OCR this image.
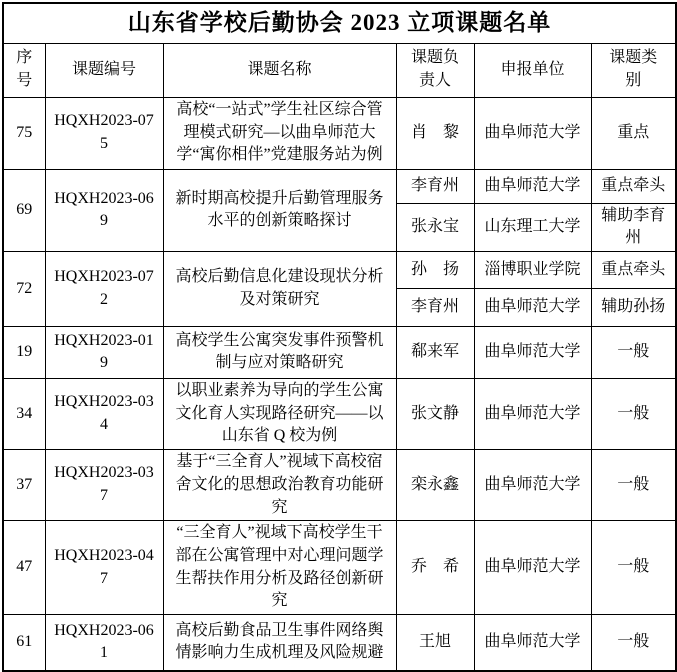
山东省学校后勤协会 2023 立项课题名单					
序号	课题编号	课题名称	课题负责人	申报单位	课题类别
75	HQXH2023-075	高校“一站式”学生社区综合管理模式研究—以曲阜师范大学“寓你相伴”党建服务站为例	肖　黎	曲阜师范大学	重点
69	HQXH2023-069	新时期高校提升后勤管理服务水平的创新策略探讨	李育州	曲阜师范大学	重点牵头
			张永宝	山东理工大学	辅助李育州
72	HQXH2023-072	高校后勤信息化建设现状分析及对策研究	孙　扬	淄博职业学院	重点牵头
			李育州	曲阜师范大学	辅助孙扬
19	HQXH2023-019	高校学生公寓突发事件预警机制与应对策略研究	郗来军	曲阜师范大学	一般
34	HQXH2023-034	以职业素养为导向的学生公寓文化育人实现路径研究——以山东省 Q 校为例	张文静	曲阜师范大学	一般
37	HQXH2023-037	基于“三全育人”视域下高校宿舍文化的思想政治教育功能研究	栾永鑫	曲阜师范大学	一般
47	HQXH2023-047	“三全育人”视域下高校学生干部在公寓管理中对心理问题学生帮扶作用分析及路径创新研究	乔　希	曲阜师范大学	一般
61	HQXH2023-061	高校后勤食品卫生事件网络舆情影响力生成机理及风险规避	王旭	曲阜师范大学	一般
